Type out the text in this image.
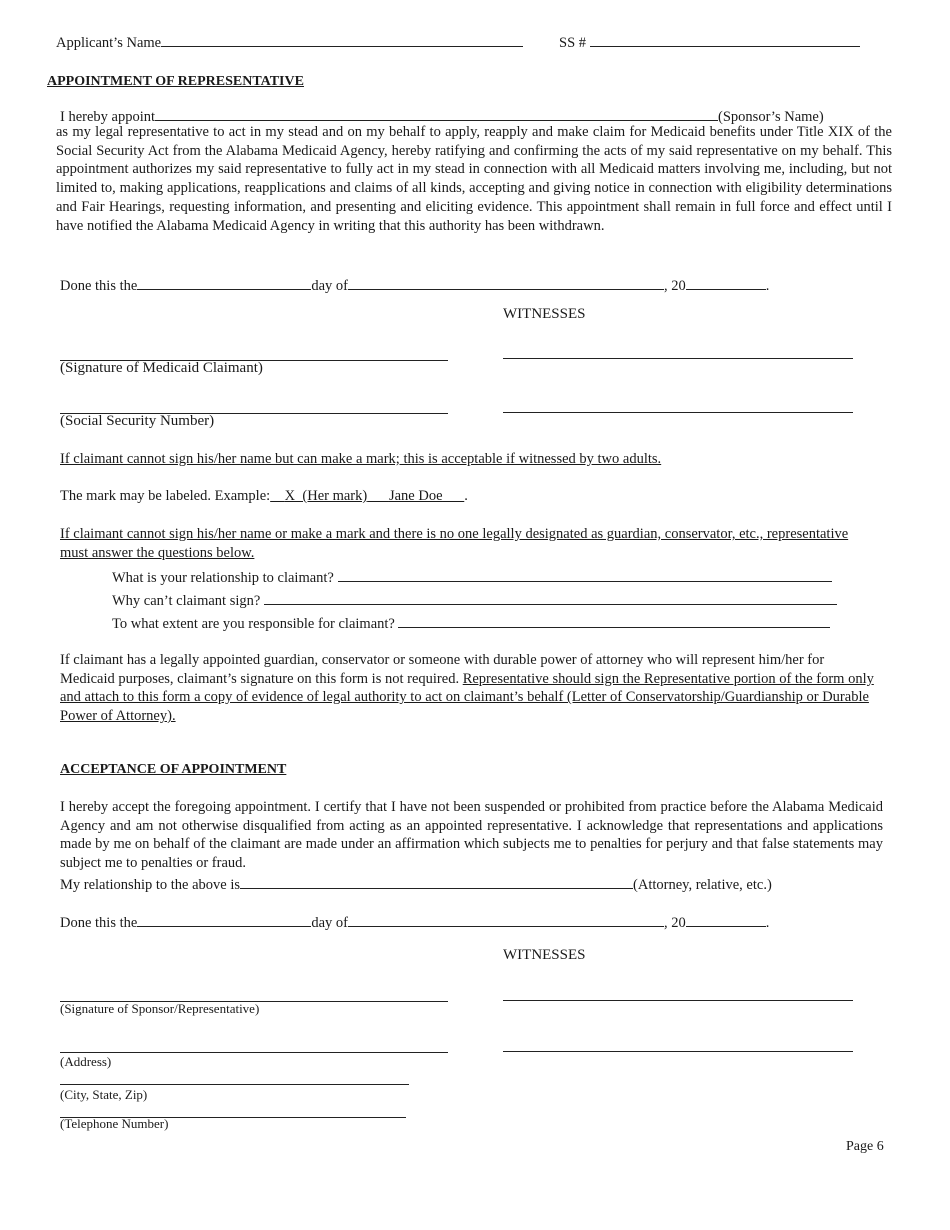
Applicant’s Name	SS #
APPOINTMENT OF REPRESENTATIVE
I hereby appoint	(Sponsor’s Name)
as my legal representative to act in my stead and on my behalf to apply, reapply and make claim for Medicaid benefits under Title XIX of the Social Security Act from the Alabama Medicaid Agency, hereby ratifying and confirming the acts of my said representative on my behalf. This appointment authorizes my said representative to fully act in my stead in connection with all Medicaid matters involving me, including, but not limited to, making applications, reapplications and claims of all kinds, accepting and giving notice in connection with eligibility determinations and Fair Hearings, requesting information, and presenting and eliciting evidence. This appointment shall remain in full force and effect until I have notified the Alabama Medicaid Agency in writing that this authority has been withdrawn.
Done this the	day of	, 20	.
WITNESSES
(Signature of Medicaid Claimant)
(Social Security Number)
If claimant cannot sign his/her name but can make a mark; this is acceptable if witnessed by two adults.
The mark may be labeled. Example: X  (Her mark) Jane Doe .
If claimant cannot sign his/her name or make a mark and there is no one legally designated as guardian, conservator, etc., representative must answer the questions below.
What is your relationship to claimant?
Why can’t claimant sign?
To what extent are you responsible for claimant?
If claimant has a legally appointed guardian, conservator or someone with durable power of attorney who will represent him/her for Medicaid purposes, claimant’s signature on this form is not required. Representative should sign the Representative portion of the form only and attach to this form a copy of evidence of legal authority to act on claimant’s behalf (Letter of Conservatorship/Guardianship or Durable Power of Attorney).
ACCEPTANCE OF APPOINTMENT
I hereby accept the foregoing appointment. I certify that I have not been suspended or prohibited from practice before the Alabama Medicaid Agency and am not otherwise disqualified from acting as an appointed representative. I acknowledge that representations and applications made by me on behalf of the claimant are made under an affirmation which subjects me to penalties for perjury and that false statements may subject me to penalties or fraud.
My relationship to the above is	(Attorney, relative, etc.)
Done this the	day of	, 20	.
WITNESSES
(Signature of Sponsor/Representative)
(Address)
(City, State, Zip)
(Telephone Number)
Page 6
